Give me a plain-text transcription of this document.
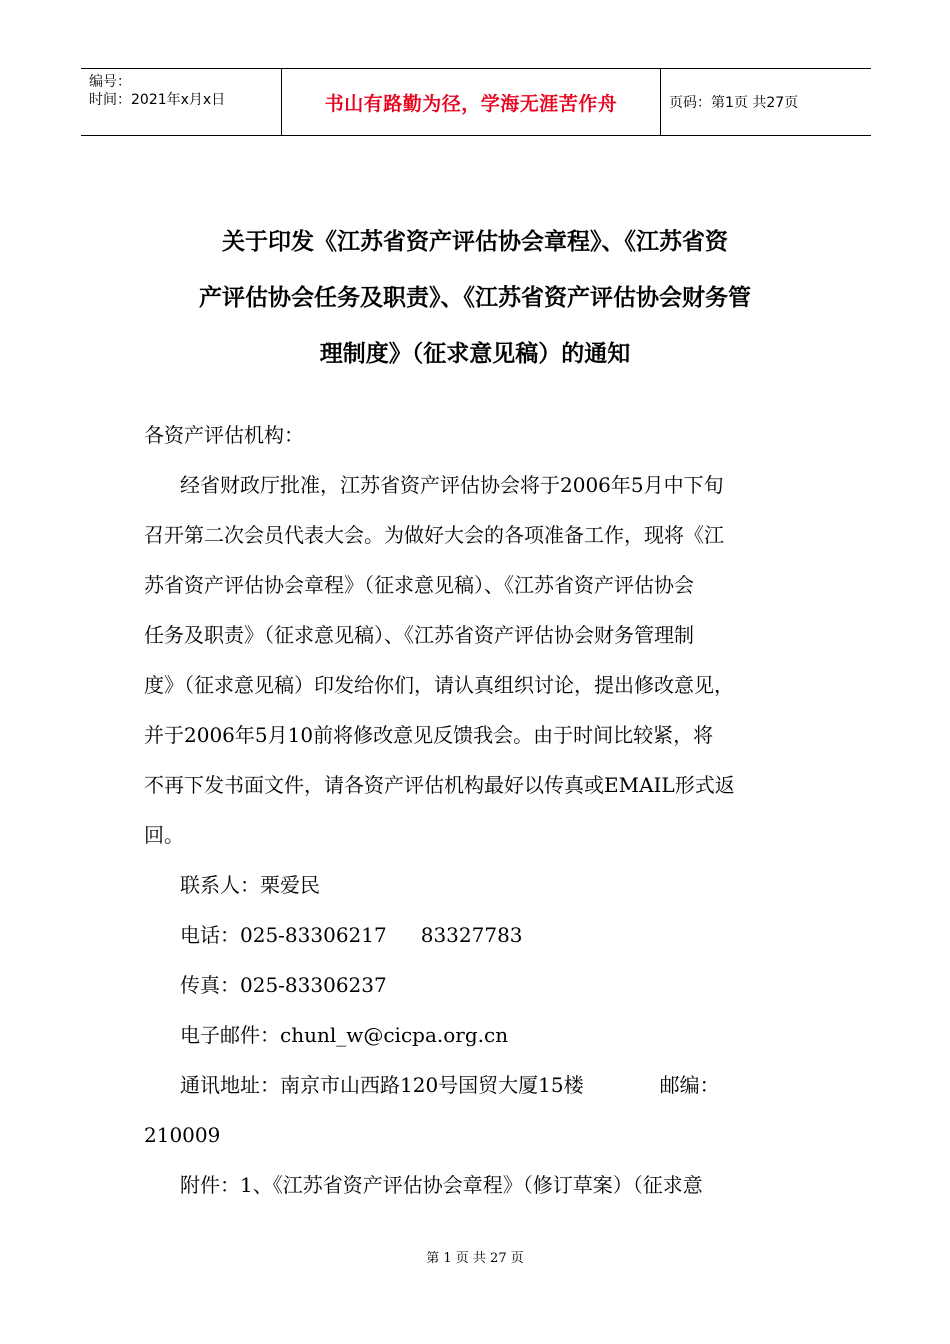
编号：
时间：2021年x月x日	书山有路勤为径，学海无涯苦作舟	页码：第1页 共27页
关于印发《江苏省资产评估协会章程》、《江苏省资
产评估协会任务及职责》、《江苏省资产评估协会财务管
理制度》（征求意见稿）的通知
各资产评估机构：
经省财政厅批准，江苏省资产评估协会将于2006年5月中下旬
召开第二次会员代表大会。为做好大会的各项准备工作，现将《江
苏省资产评估协会章程》（征求意见稿）、《江苏省资产评估协会
任务及职责》（征求意见稿）、《江苏省资产评估协会财务管理制
度》（征求意见稿）印发给你们，请认真组织讨论，提出修改意见，
并于2006年5月10前将修改意见反馈我会。由于时间比较紧，将
不再下发书面文件，请各资产评估机构最好以传真或EMAIL形式返
回。
联系人：栗爱民
电话：025-83306217 83327783
传真：025-83306237
电子邮件：chunl_w@cicpa.org.cn
通讯地址：南京市山西路120号国贸大厦15楼	邮编：
210009
附件：1、《江苏省资产评估协会章程》（修订草案）（征求意
第 1 页 共 27 页
